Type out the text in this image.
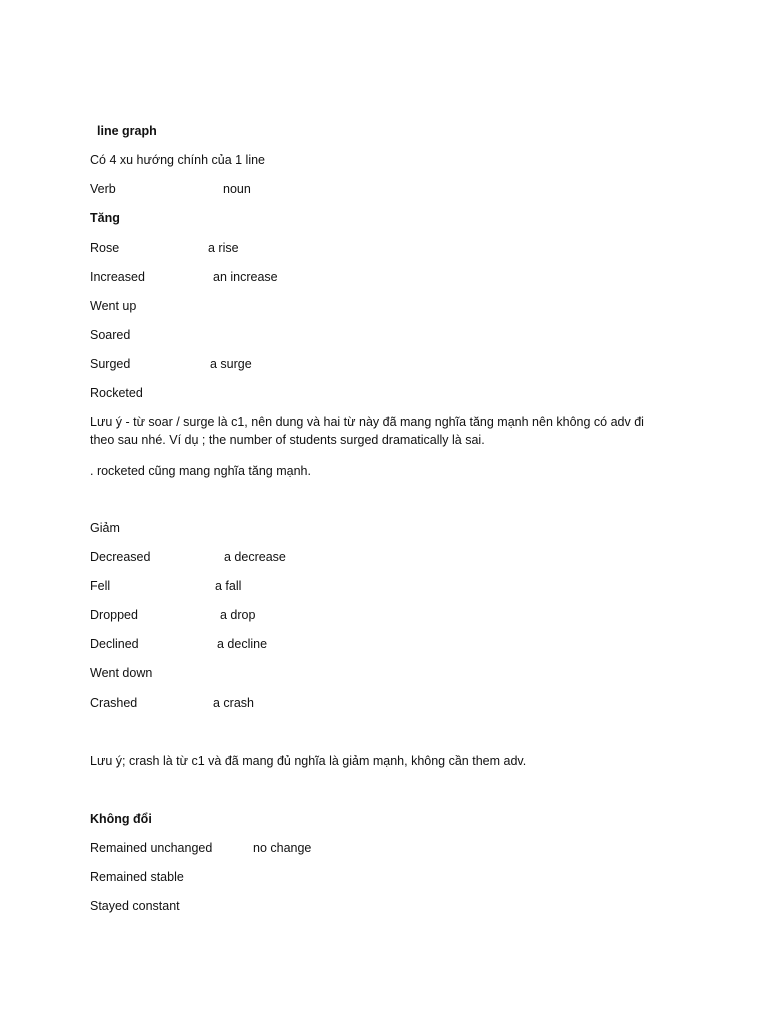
line graph
Có 4 xu hướng chính của 1 line
Verb	noun
Tăng
Rose	a rise
Increased	an increase
Went up
Soared
Surged	a surge
Rocketed
Lưu ý - từ soar / surge là c1, nên dung và hai từ này đã mang nghĩa tăng mạnh nên không có adv đi theo sau nhé. Ví dụ ; the number of students surged dramatically là sai.
. rocketed cũng mang nghĩa tăng mạnh.
Giảm
Decreased	a decrease
Fell	a fall
Dropped	a drop
Declined	a decline
Went down
Crashed	a crash
Lưu ý; crash là từ c1 và đã mang đủ nghĩa là giảm mạnh, không cần them adv.
Không đổi
Remained unchanged	no change
Remained stable
Stayed constant
